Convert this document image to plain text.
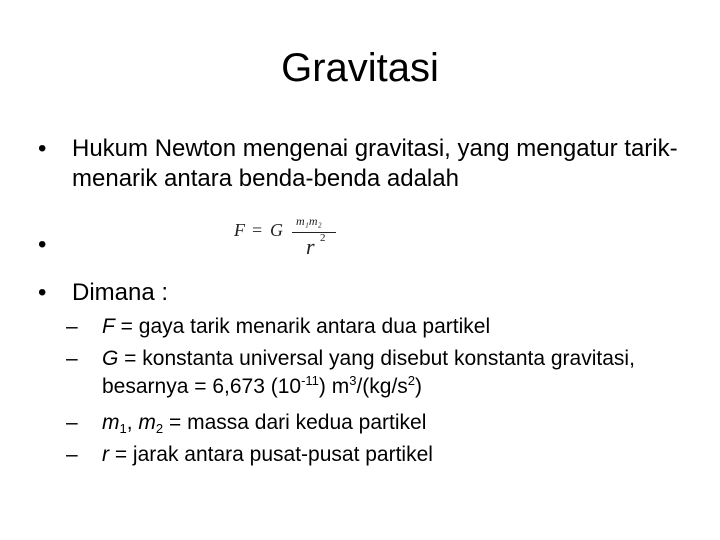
Gravitasi
• Hukum Newton mengenai gravitasi, yang mengatur tarik-menarik antara benda-benda adalah
•
F = G m₁m₂
r 2
• Dimana :
– F = gaya tarik menarik antara dua partikel
– G = konstanta universal yang disebut konstanta gravitasi, besarnya = 6,673 $(10^{-11})$ $m^3/(kg/s^2)$
– $m_1$, $m_2$ = massa dari kedua partikel
– r = jarak antara pusat-pusat partikel
